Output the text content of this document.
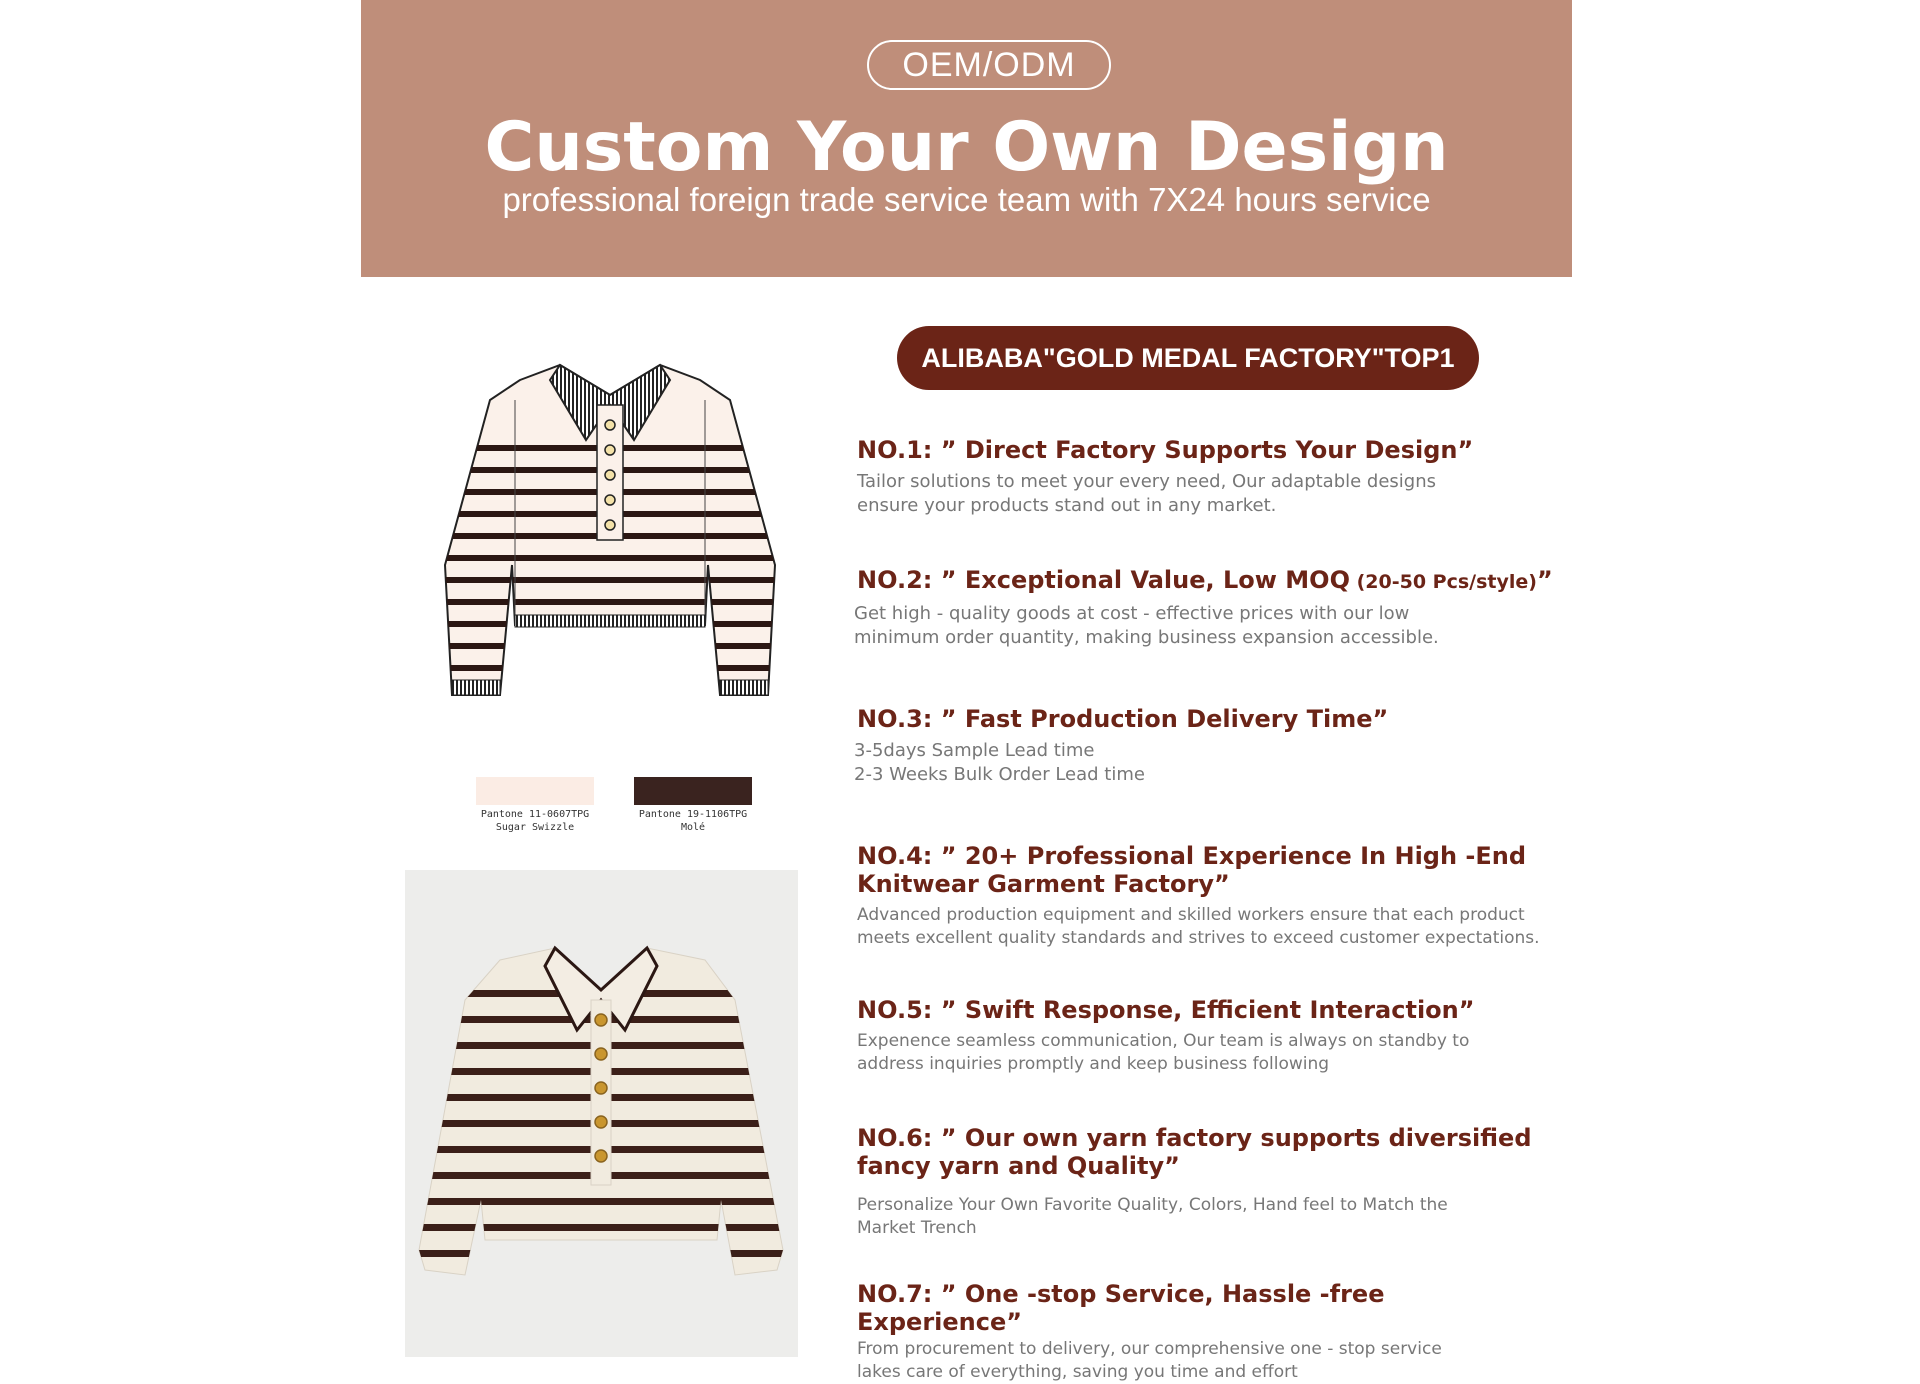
OEM/ODM
Custom Your Own Design
professional foreign trade service team with 7X24 hours service
Pantone 11-0607TPG
Sugar Swizzle
Pantone 19-1106TPG
Molé
ALIBABA"GOLD MEDAL FACTORY"TOP1
NO.1: ” Direct Factory Supports Your Design”
Tailor solutions to meet your every need, Our adaptable designs
ensure your products stand out in any market.
NO.2: ” Exceptional Value, Low MOQ (20-50 Pcs/style)”
Get high - quality goods at cost - effective prices with our low
minimum order quantity, making business expansion accessible.
NO.3: ” Fast Production Delivery Time”
3-5days Sample Lead time
2-3 Weeks Bulk Order Lead time
NO.4: ” 20+ Professional Experience In High -End
Knitwear Garment Factory”
Advanced production equipment and skilled workers ensure that each product
meets excellent quality standards and strives to exceed customer expectations.
NO.5: ” Swift Response, Efficient Interaction”
Expenence seamless communication, Our team is always on standby to
address inquiries promptly and keep business following
NO.6: ” Our own yarn factory supports diversified
fancy yarn and Quality”
Personalize Your Own Favorite Quality, Colors, Hand feel to Match the
Market Trench
NO.7: ” One -stop Service, Hassle -free Experience”
From procurement to delivery, our comprehensive one - stop service
lakes care of everything, saving you time and effort
